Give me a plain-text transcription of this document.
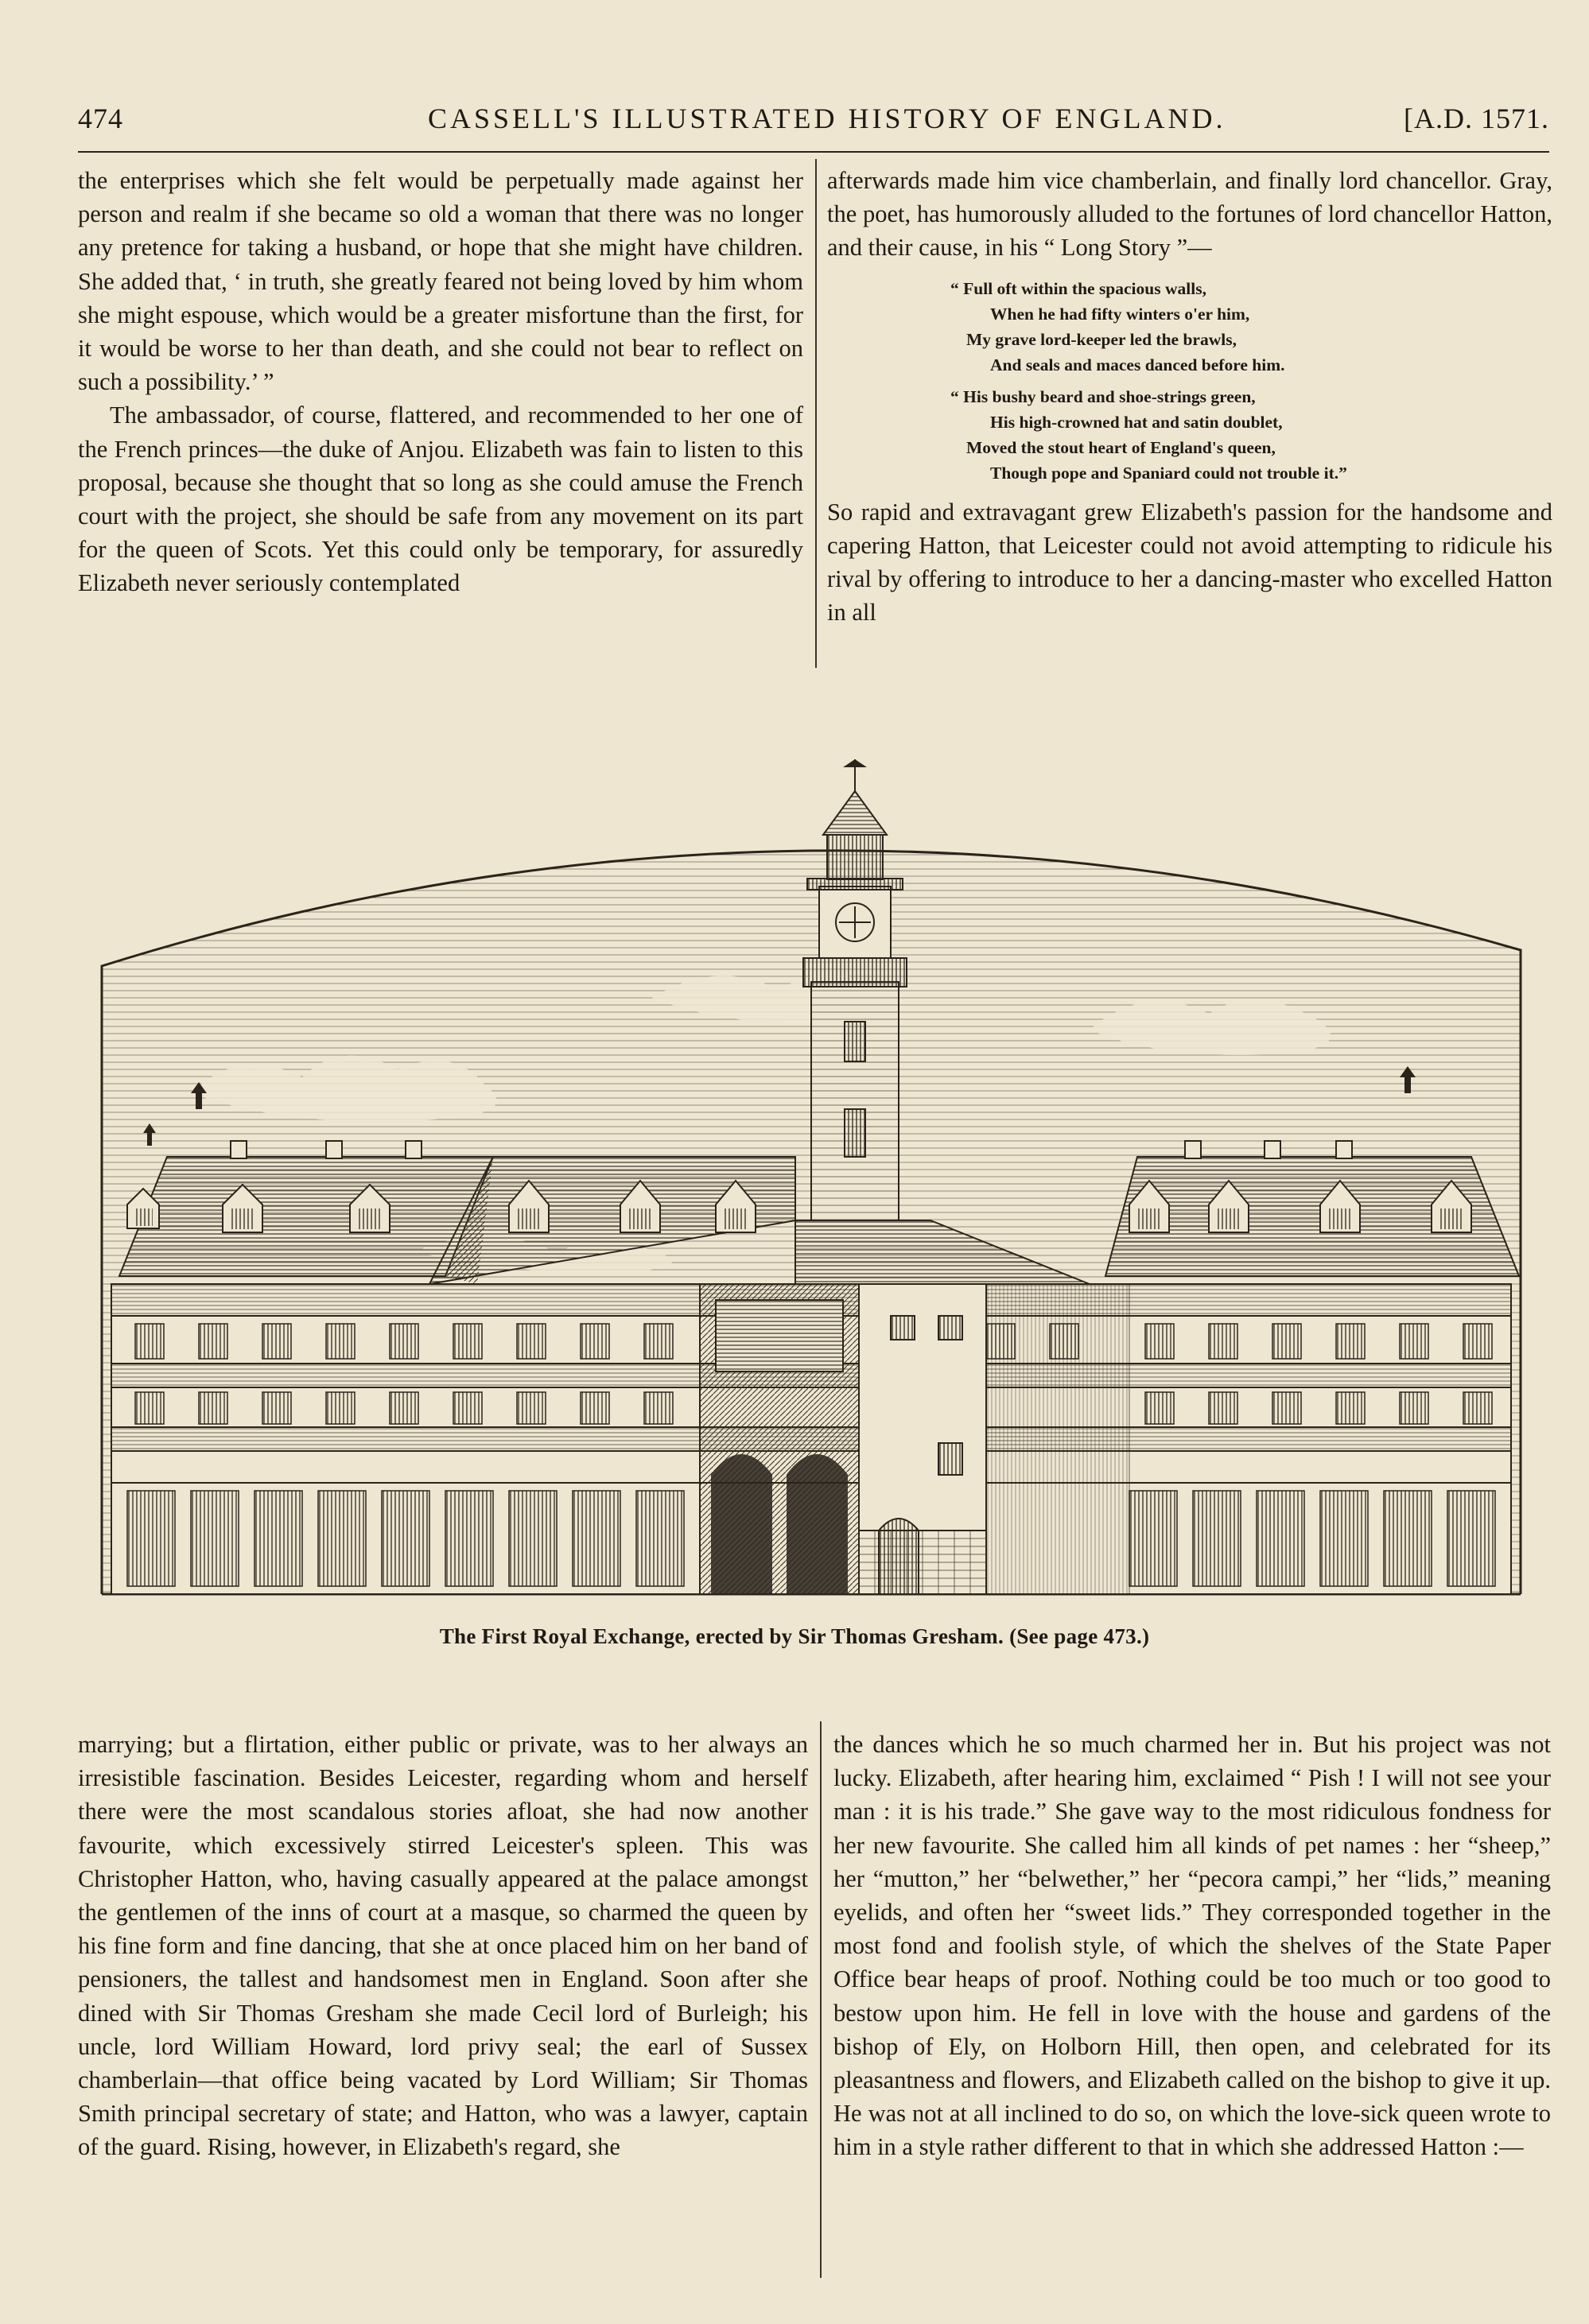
474	CASSELL'S ILLUSTRATED HISTORY OF ENGLAND.	[A.D. 1571.

the enterprises which she felt would be perpetually made against her person and realm if she became so old a woman that there was no longer any pretence for taking a husband, or hope that she might have children. She added that, ‘ in truth, she greatly feared not being loved by him whom she might espouse, which would be a greater misfortune than the first, for it would be worse to her than death, and she could not bear to reflect on such a possibility.’ ”

The ambassador, of course, flattered, and recommended to her one of the French princes—the duke of Anjou. Elizabeth was fain to listen to this proposal, because she thought that so long as she could amuse the French court with the project, she should be safe from any movement on its part for the queen of Scots. Yet this could only be temporary, for assuredly Elizabeth never seriously contemplated

afterwards made him vice chamberlain, and finally lord chancellor. Gray, the poet, has humorously alluded to the fortunes of lord chancellor Hatton, and their cause, in his “ Long Story ”—

“ Full oft within the spacious walls,
When he had fifty winters o'er him,
My grave lord-keeper led the brawls,
And seals and maces danced before him.
“ His bushy beard and shoe-strings green,
His high-crowned hat and satin doublet,
Moved the stout heart of England's queen,
Though pope and Spaniard could not trouble it.”

So rapid and extravagant grew Elizabeth's passion for the handsome and capering Hatton, that Leicester could not avoid attempting to ridicule his rival by offering to introduce to her a dancing-master who excelled Hatton in all

The First Royal Exchange, erected by Sir Thomas Gresham. (See page 473.)

marrying; but a flirtation, either public or private, was to her always an irresistible fascination. Besides Leicester, regarding whom and herself there were the most scandalous stories afloat, she had now another favourite, which excessively stirred Leicester's spleen. This was Christopher Hatton, who, having casually appeared at the palace amongst the gentlemen of the inns of court at a masque, so charmed the queen by his fine form and fine dancing, that she at once placed him on her band of pensioners, the tallest and handsomest men in England. Soon after she dined with Sir Thomas Gresham she made Cecil lord of Burleigh; his uncle, lord William Howard, lord privy seal; the earl of Sussex chamberlain—that office being vacated by Lord William; Sir Thomas Smith principal secretary of state; and Hatton, who was a lawyer, captain of the guard. Rising, however, in Elizabeth's regard, she

the dances which he so much charmed her in. But his project was not lucky. Elizabeth, after hearing him, exclaimed “ Pish ! I will not see your man : it is his trade.” She gave way to the most ridiculous fondness for her new favourite. She called him all kinds of pet names : her “sheep,” her “mutton,” her “belwether,” her “pecora campi,” her “lids,” meaning eyelids, and often her “sweet lids.” They corresponded together in the most fond and foolish style, of which the shelves of the State Paper Office bear heaps of proof. Nothing could be too much or too good to bestow upon him. He fell in love with the house and gardens of the bishop of Ely, on Holborn Hill, then open, and celebrated for its pleasantness and flowers, and Elizabeth called on the bishop to give it up. He was not at all inclined to do so, on which the love-sick queen wrote to him in a style rather different to that in which she addressed Hatton :—
